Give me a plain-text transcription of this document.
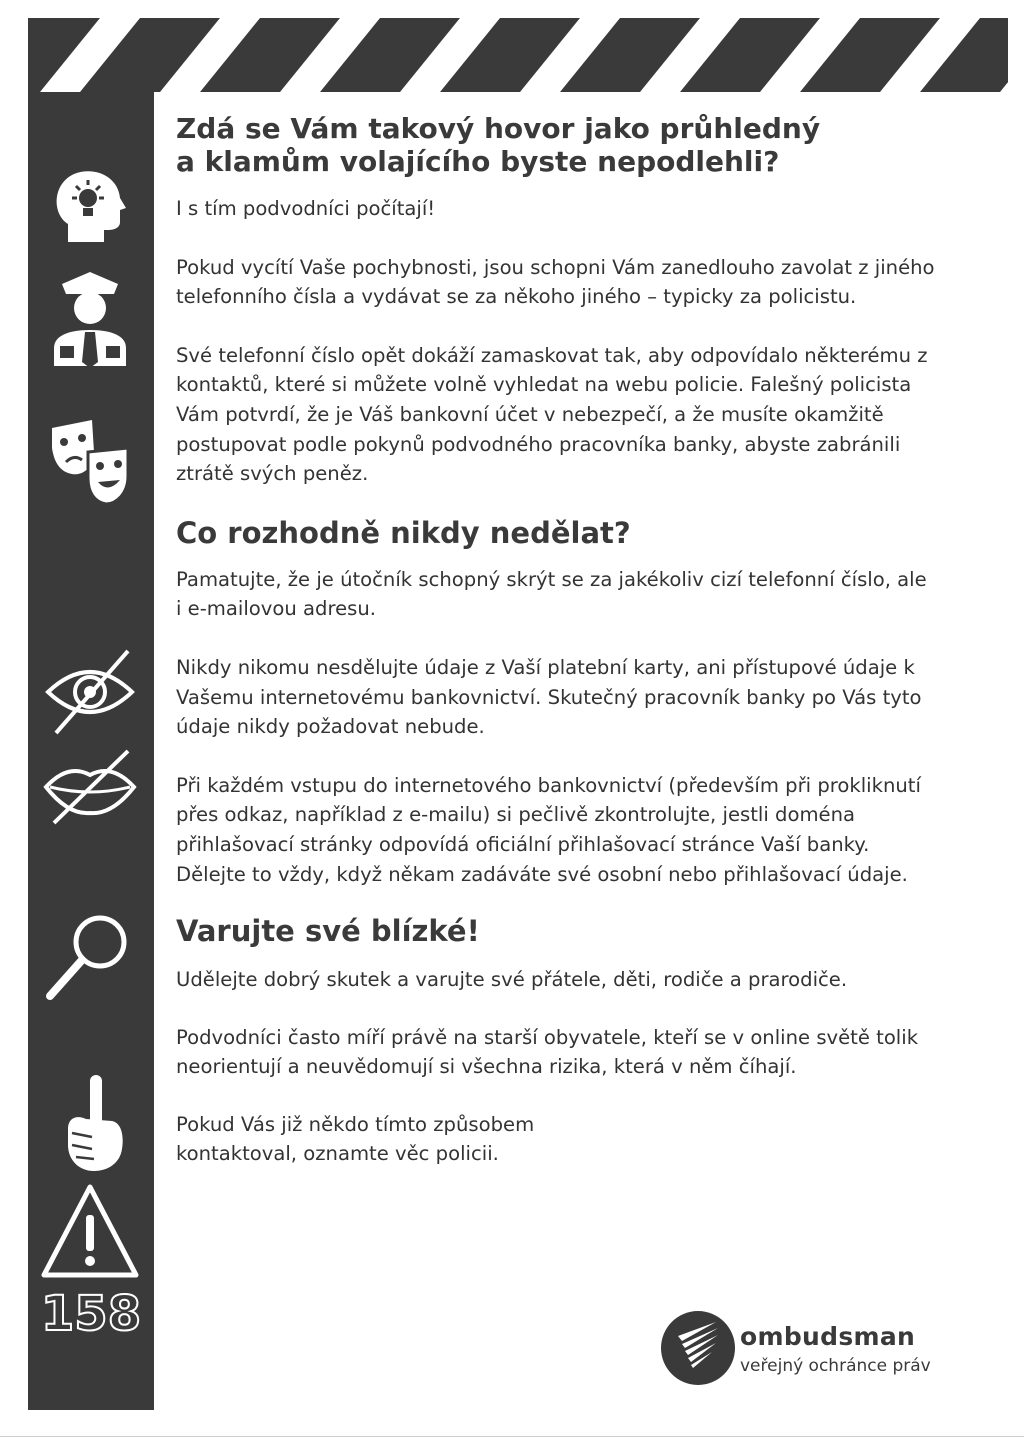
158
Zdá se Vám takový hovor jako průhledný
a klamům volajícího byste nepodlehli?

I s tím podvodníci počítají!

Pokud vycítí Vaše pochybnosti, jsou schopni Vám zanedlouho zavolat z jiného telefonního čísla a vydávat se za někoho jiného – typicky za policistu.

Své telefonní číslo opět dokáží zamaskovat tak, aby odpovídalo některému z kontaktů, které si můžete volně vyhledat na webu policie. Falešný policista Vám potvrdí, že je Váš bankovní účet v nebezpečí, a že musíte okamžitě postupovat podle pokynů podvodného pracovníka banky, abyste zabránili ztrátě svých peněz.

Co rozhodně nikdy nedělat?

Pamatujte, že je útočník schopný skrýt se za jakékoliv cizí telefonní číslo, ale i e-mailovou adresu.

Nikdy nikomu nesdělujte údaje z Vaší platební karty, ani přístupové údaje k Vašemu internetovému bankovnictví. Skutečný pracovník banky po Vás tyto údaje nikdy požadovat nebude.

Při každém vstupu do internetového bankovnictví (především při prokliknutí přes odkaz, například z e-mailu) si pečlivě zkontrolujte, jestli doména přihlašovací stránky odpovídá oficiální přihlašovací stránce Vaší banky. Dělejte to vždy, když někam zadáváte své osobní nebo přihlašovací údaje.

Varujte své blízké!

Udělejte dobrý skutek a varujte své přátele, děti, rodiče a prarodiče.

Podvodníci často míří právě na starší obyvatele, kteří se v online světě tolik neorientují a neuvědomují si všechna rizika, která v něm číhají.

Pokud Vás již někdo tímto způsobem kontaktoval, oznamte věc policii.

ombudsman
veřejný ochránce práv
